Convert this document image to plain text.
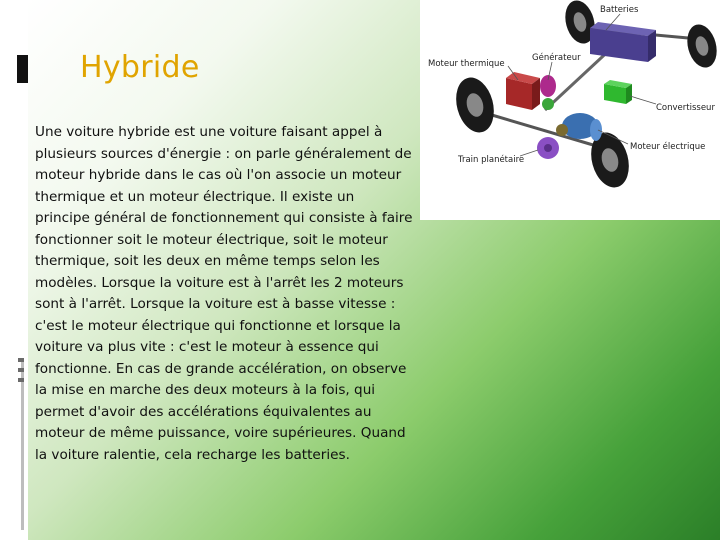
Hybride

Une voiture hybride est une voiture faisant appel à plusieurs sources d'énergie : on parle généralement de moteur hybride dans le cas où l'on associe un moteur thermique et un moteur électrique. Il existe un principe général de fonctionnement qui consiste à faire fonctionner soit le moteur électrique, soit le moteur thermique, soit les deux en même temps selon les modèles. Lorsque la voiture est à l'arrêt les 2 moteurs sont à l'arrêt. Lorsque la voiture est à basse vitesse : c'est le moteur électrique qui fonctionne et lorsque la voiture va plus vite : c'est le moteur à essence qui fonctionne. En cas de grande accélération, on observe la mise en marche des deux moteurs à la fois, qui permet d'avoir des accélérations équivalentes au moteur de même puissance, voire supérieures. Quand la voiture ralentie, cela recharge les batteries.

Batteries
Moteur thermique
Générateur
Convertisseur
Moteur électrique
Train planétaire
